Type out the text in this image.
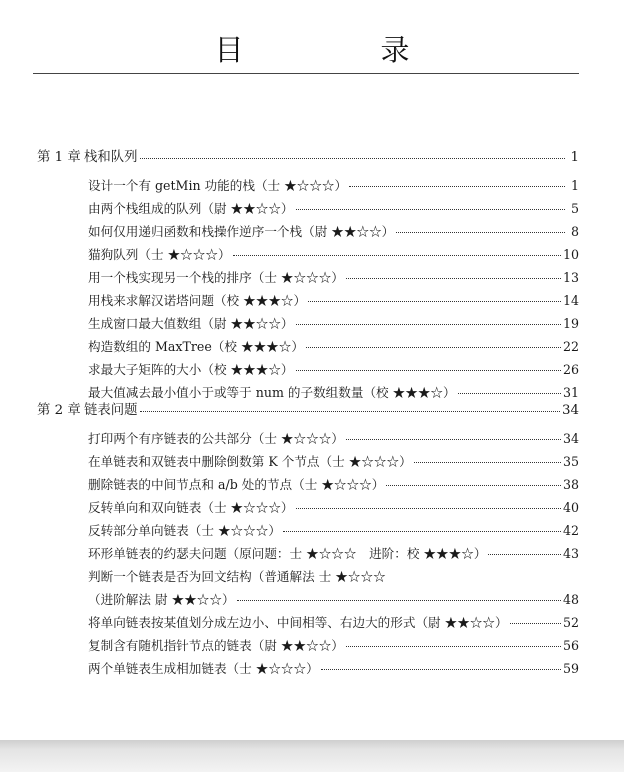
目　录
第 1 章 栈和队列	1
设计一个有 getMin 功能的栈（士 ★☆☆☆）	1
由两个栈组成的队列（尉 ★★☆☆）	5
如何仅用递归函数和栈操作逆序一个栈（尉 ★★☆☆）	8
猫狗队列（士 ★☆☆☆）	10
用一个栈实现另一个栈的排序（士 ★☆☆☆）	13
用栈来求解汉诺塔问题（校 ★★★☆）	14
生成窗口最大值数组（尉 ★★☆☆）	19
构造数组的 MaxTree（校 ★★★☆）	22
求最大子矩阵的大小（校 ★★★☆）	26
最大值减去最小值小于或等于 num 的子数组数量（校 ★★★☆）	31
第 2 章 链表问题	34
打印两个有序链表的公共部分（士 ★☆☆☆）	34
在单链表和双链表中删除倒数第 K 个节点（士 ★☆☆☆）	35
删除链表的中间节点和 a/b 处的节点（士 ★☆☆☆）	38
反转单向和双向链表（士 ★☆☆☆）	40
反转部分单向链表（士 ★☆☆☆）	42
环形单链表的约瑟夫问题（原问题：士 ★☆☆☆　进阶：校 ★★★☆）	43
判断一个链表是否为回文结构（普通解法 士 ★☆☆☆
（进阶解法 尉 ★★☆☆）	48
将单向链表按某值划分成左边小、中间相等、右边大的形式（尉 ★★☆☆）	52
复制含有随机指针节点的链表（尉 ★★☆☆）	56
两个单链表生成相加链表（士 ★☆☆☆）	59
